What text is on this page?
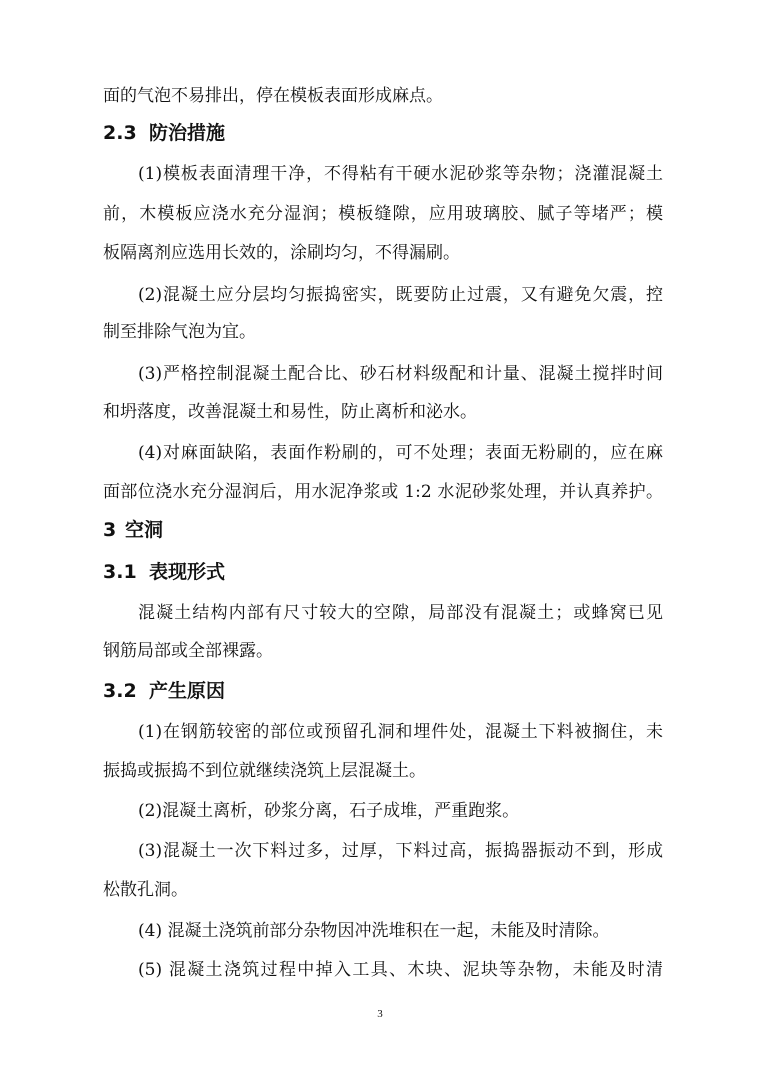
面的气泡不易排出，停在模板表面形成麻点。
2.3 防治措施
(1)模板表面清理干净，不得粘有干硬水泥砂浆等杂物；浇灌混凝土
前，木模板应浇水充分湿润；模板缝隙，应用玻璃胶、腻子等堵严；模
板隔离剂应选用长效的，涂刷均匀，不得漏刷。
(2)混凝土应分层均匀振捣密实，既要防止过震，又有避免欠震，控
制至排除气泡为宜。
(3)严格控制混凝土配合比、砂石材料级配和计量、混凝土搅拌时间
和坍落度，改善混凝土和易性，防止离析和泌水。
(4)对麻面缺陷，表面作粉刷的，可不处理；表面无粉刷的，应在麻
面部位浇水充分湿润后，用水泥净浆或 1:2 水泥砂浆处理，并认真养护。
3 空洞
3.1 表现形式
混凝土结构内部有尺寸较大的空隙，局部没有混凝土；或蜂窝已见
钢筋局部或全部裸露。
3.2 产生原因
(1)在钢筋较密的部位或预留孔洞和埋件处，混凝土下料被搁住，未
振捣或振捣不到位就继续浇筑上层混凝土。
(2)混凝土离析，砂浆分离，石子成堆，严重跑浆。
(3)混凝土一次下料过多，过厚，下料过高，振捣器振动不到，形成
松散孔洞。
(4) 混凝土浇筑前部分杂物因冲洗堆积在一起，未能及时清除。
(5) 混凝土浇筑过程中掉入工具、木块、泥块等杂物，未能及时清
3
